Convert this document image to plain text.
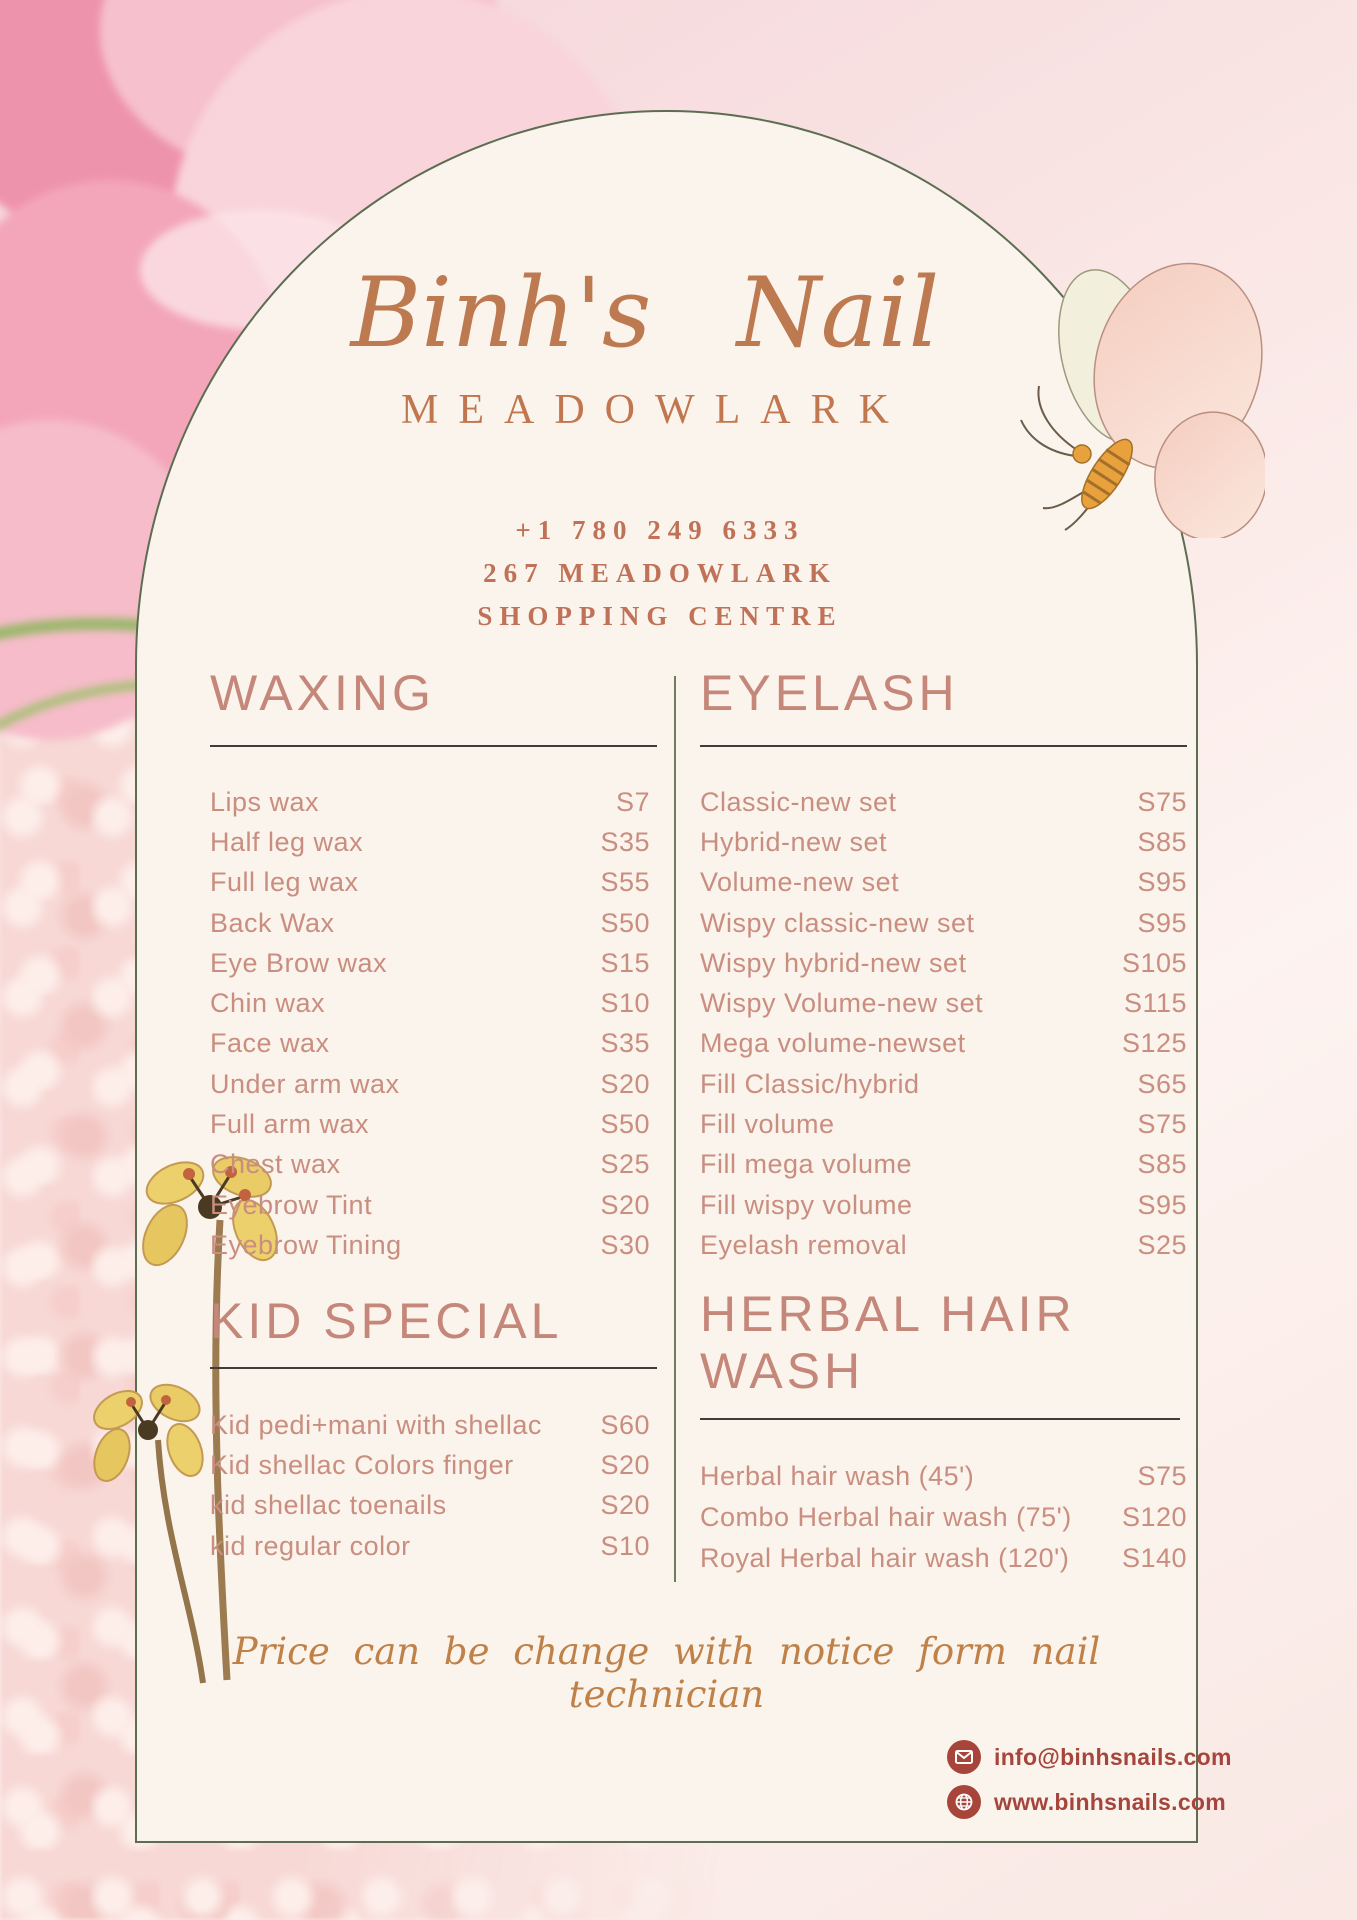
Binh's Nail
MEADOWLARK
+1 780 249 6333
267 MEADOWLARK
SHOPPING CENTRE
WAXING
Lips wax	S7
Half leg wax	S35
Full leg wax	S55
Back Wax	S50
Eye Brow wax	S15
Chin wax	S10
Face wax	S35
Under arm wax	S20
Full arm wax	S50
Chest wax	S25
Eyebrow Tint	S20
Eyebrow Tining	S30
EYELASH
Classic-new set	S75
Hybrid-new set	S85
Volume-new set	S95
Wispy classic-new set	S95
Wispy hybrid-new set	S105
Wispy Volume-new set	S115
Mega volume-newset	S125
Fill Classic/hybrid	S65
Fill volume	S75
Fill mega volume	S85
Fill wispy volume	S95
Eyelash removal	S25
KID SPECIAL
Kid pedi+mani with shellac S60
Kid shellac Colors finger	S20
kid shellac toenails	S20
kid regular color	S10
HERBAL HAIR
WASH
Herbal hair wash (45')	S75
Combo Herbal hair wash (75') S120
Royal Herbal hair wash (120') S140
Price can be change with notice form nail technician
info@binhsnails.com
www.binhsnails.com
